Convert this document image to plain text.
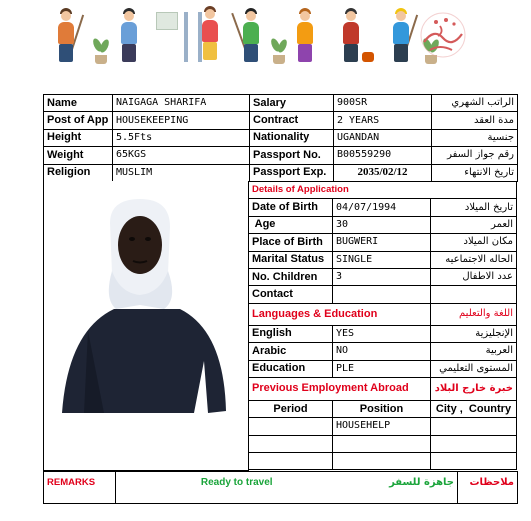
Name	NAIGAGA SHARIFA	Salary	900SR	الراتب الشهري
Post of App	HOUSEKEEPING	Contract	2 YEARS	مدة العقد
Height	5.5Fts	Nationality	UGANDAN	جنسية
Weight	65KGS	Passport No.	B00559290	رقم جواز السفر
Religion	MUSLIM	Passport Exp.	2035/02/12	تاريخ الانتهاء
Details of Application		
Date of Birth	04/07/1994	تاريخ الميلاد
Age	30	العمر
Place of Birth	BUGWERI	مكان الميلاد
Marital Status	SINGLE	الحاله الاجتماعيه
No. Children	3	عدد الاطفال
Contact		
Languages & Education		اللغة والتعليم
English	YES	الإنجليزية
Arabic	NO	العربية
Education	PLE	المستوى التعليمي
Previous Employment Abroad		خبرة خارج البلاد
Period	Position	City ,  Country
	HOUSEHELP	

REMARKS	Ready to travel	جاهزة للسفر	ملاحظات
